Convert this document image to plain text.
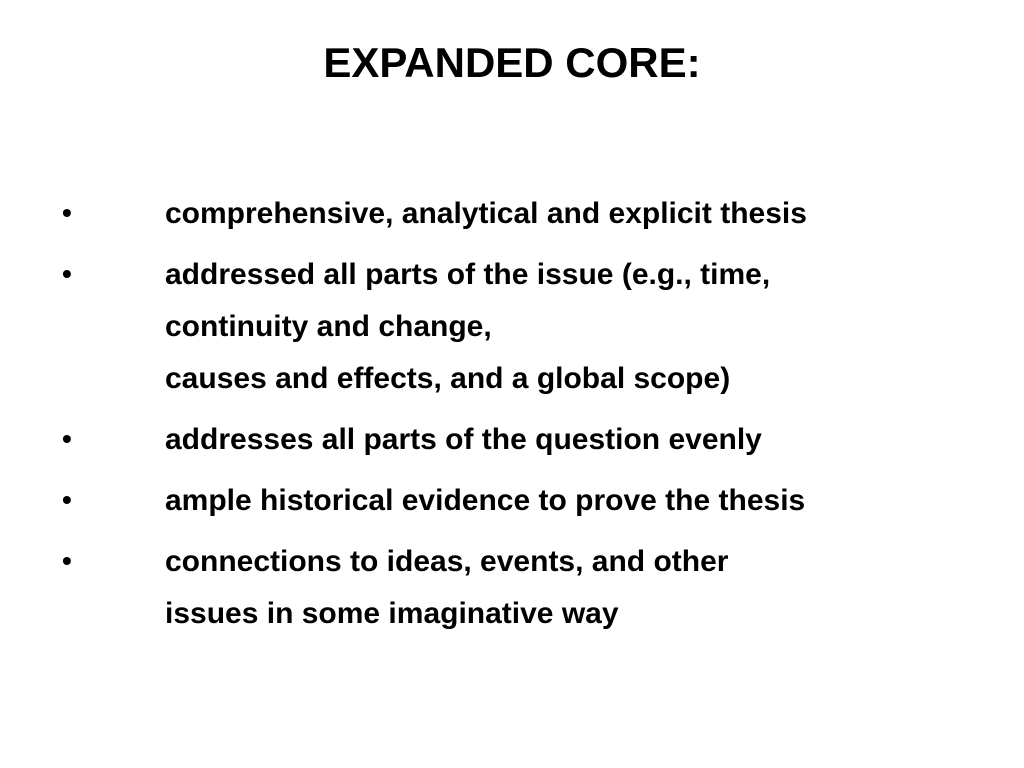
EXPANDED CORE:
•	comprehensive, analytical and explicit thesis
•	addressed all parts of the issue (e.g., time,
continuity and change,
causes and effects, and a global scope)
•	addresses all parts of the question evenly
•	ample historical evidence to prove the thesis
•	connections to ideas, events, and other
issues in some imaginative way
